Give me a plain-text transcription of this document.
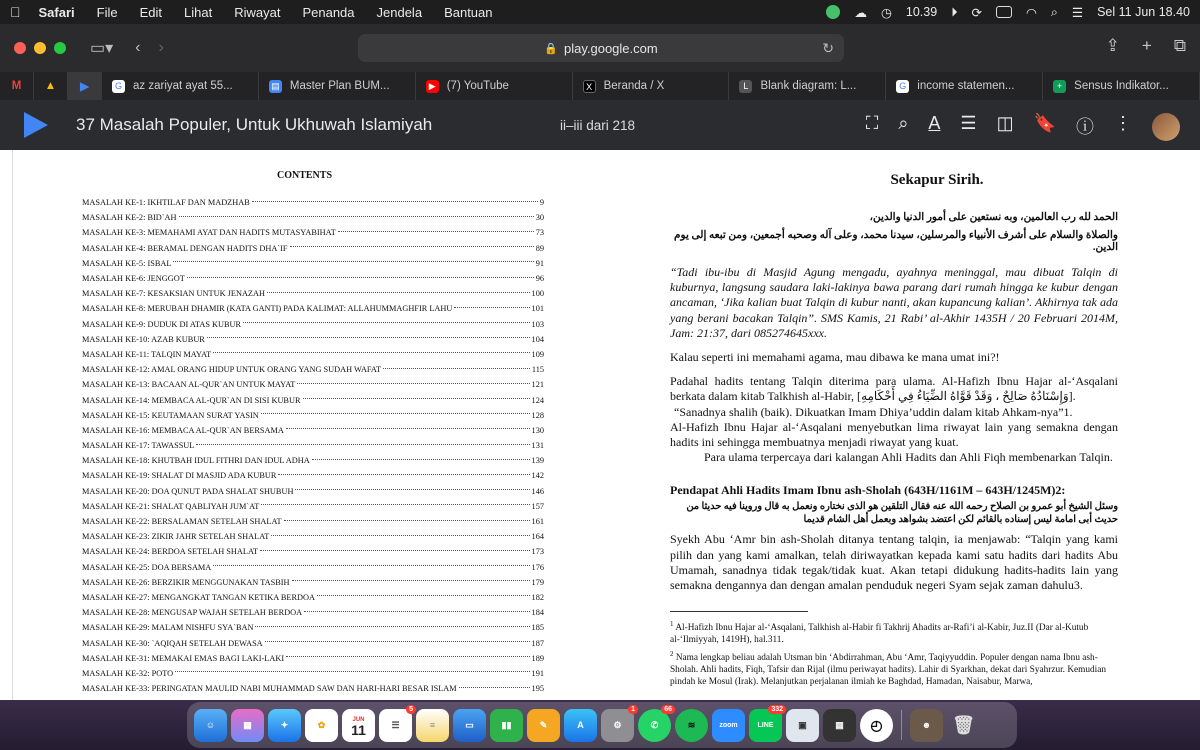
Safari File Edit Lihat Riwayat Penanda Jendela Bantuan	☁ ◷ 10.39 ⏵ ⟳	◠ ⌕ ☰ Sel 11 Jun 18.40
▭▾ ‹ ›	🔒 play.google.com	↻	⇪ + ⧉
M ▲ ▶	G az zariyat ayat 55...	▤ Master Plan BUM...	▶ (7) YouTube	X	Beranda / X	L	Blank diagram: L...	G income statemen...	+	Sensus Indikator...
37 Masalah Populer, Untuk Ukhuwah Islamiyah	ii–iii dari 218	⛶ ⌕ A ☰ ◫ 🔖 ⓘ ⋮
CONTENTS
MASALAH KE-1: IKHTILAF DAN MADZHAB	9
MASALAH KE-2: BID`AH	30
MASALAH KE-3: MEMAHAMI AYAT DAN HADITS MUTASYABIHAT	73
MASALAH KE-4: BERAMAL DENGAN HADITS DHA`IF	89
MASALAH KE-5: ISBAL	91
MASALAH KE-6: JENGGOT	96
MASALAH KE-7: KESAKSIAN UNTUK JENAZAH	100
MASALAH KE-8: MERUBAH DHAMIR (KATA GANTI) PADA KALIMAT: ALLAHUMMAGHFIR LAHU	101
MASALAH KE-9: DUDUK DI ATAS KUBUR	103
MASALAH KE-10: AZAB KUBUR	104
MASALAH KE-11: TALQIN MAYAT	109
MASALAH KE-12: AMAL ORANG HIDUP UNTUK ORANG YANG SUDAH WAFAT	115
MASALAH KE-13: BACAAN AL-QUR`AN UNTUK MAYAT	121
MASALAH KE-14: MEMBACA AL-QUR`AN DI SISI KUBUR	124
MASALAH KE-15: KEUTAMAAN SURAT YASIN	128
MASALAH KE-16: MEMBACA AL-QUR`AN BERSAMA	130
MASALAH KE-17: TAWASSUL	131
MASALAH KE-18: KHUTBAH IDUL FITHRI DAN IDUL ADHA	139
MASALAH KE-19: SHALAT DI MASJID ADA KUBUR	142
MASALAH KE-20: DOA QUNUT PADA SHALAT SHUBUH	146
MASALAH KE-21: SHALAT QABLIYAH JUM`AT	157
MASALAH KE-22: BERSALAMAN SETELAH SHALAT	161
MASALAH KE-23: ZIKIR JAHR SETELAH SHALAT	164
MASALAH KE-24: BERDOA SETELAH SHALAT	173
MASALAH KE-25: DOA BERSAMA	176
MASALAH KE-26: BERZIKIR MENGGUNAKAN TASBIH	179
MASALAH KE-27: MENGANGKAT TANGAN KETIKA BERDOA	182
MASALAH KE-28: MENGUSAP WAJAH SETELAH BERDOA	184
MASALAH KE-29: MALAM NISHFU SYA`BAN	185
MASALAH KE-30: `AQIQAH SETELAH DEWASA	187
MASALAH KE-31: MEMAKAI EMAS BAGI LAKI-LAKI	189
MASALAH KE-32: POTO	191
MASALAH KE-33: PERINGATAN MAULID NABI MUHAMMAD SAW DAN HARI-HARI BESAR ISLAM	195
Sekapur Sirih.
الحمد لله رب العالمين، وبه نستعين على أمور الدنيا والدين،
والصلاة والسلام على أشرف الأنبياء والمرسلين، سيدنا محمد، وعلى آله وصحبه أجمعين، ومن تبعه إلى يوم الدين.
“Tadi ibu-ibu di Masjid Agung mengadu, ayahnya meninggal, mau dibuat Talqin di kuburnya, langsung saudara laki-lakinya bawa parang dari rumah hingga ke kubur dengan ancaman, ‘Jika kalian buat Talqin di kubur nanti, akan kupancung kalian’. Akhirnya tak ada yang berani bacakan Talqin”. SMS Kamis, 21 Rabi’ al-Akhir 1435H / 20 Februari 2014M, Jam: 21:37, dari 085274645xxx.
Kalau seperti ini memahami agama, mau dibawa ke mana umat ini?!
Padahal hadits tentang Talqin diterima para ulama. Al-Hafizh Ibnu Hajar al-‘Asqalani berkata dalam kitab Talkhish al-Habir, [وَإِسْنَادُهُ صَالِحٌ ، وَقَدْ قَوَّاهُ الضِّيَاءُ فِي أَحْكَامِهِ].
“Sanadnya shalih (baik). Dikuatkan Imam Dhiya’uddin dalam kitab Ahkam-nya”1.
Al-Hafizh Ibnu Hajar al-‘Asqalani menyebutkan lima riwayat lain yang semakna dengan hadits ini sehingga membuatnya menjadi riwayat yang kuat.
Para ulama terpercaya dari kalangan Ahli Hadits dan Ahli Fiqh membenarkan Talqin.
Pendapat Ahli Hadits Imam Ibnu ash-Sholah (643H/1161M – 643H/1245M)2:
وسئل الشيخ أبو عمرو بن الصلاح رحمه الله عنه فقال التلقين هو الذى نختاره ونعمل به قال وروينا فيه حديثا من حديث أبى امامة ليس إسناده بالقائم لكن اعتضد بشواهد وبعمل أهل الشام قديما
Syekh Abu ‘Amr bin ash-Sholah ditanya tentang talqin, ia menjawab: “Talqin yang kami pilih dan yang kami amalkan, telah diriwayatkan kepada kami satu hadits dari hadits Abu Umamah, sanadnya tidak tegak/tidak kuat. Akan tetapi didukung hadits-hadits lain yang semakna dengannya dan dengan amalan penduduk negeri Syam sejak zaman dahulu3.
$^1$ Al-Hafizh Ibnu Hajar al-‘Asqalani, Talkhish al-Habir fi Takhrij Ahadits ar-Rafi’i al-Kabir, Juz.II (Dar al-Kutub al-‘Ilmiyyah, 1419H), hal.311.
$^2$ Nama lengkap beliau adalah Utsman bin ‘Abdirrahman, Abu ‘Amr, Taqiyyuddin. Populer dengan nama Ibnu ash-Sholah. Ahli hadits, Fiqh, Tafsir dan Rijal (ilmu periwayat hadits). Lahir di Syarkhan, dekat dari Syahrzur. Kemudian pindah ke Mosul (Irak). Melanjutkan perjalanan ilmiah ke Baghdad, Hamadan, Naisabur, Marwa,
☺	▦	✦	✿	JUN
11	☰
5
≡	▭	▮▮	✎	A	⚙
1
✆
66
≋	zoom	LINE
332
▣	▦	◴	☻	🗑
